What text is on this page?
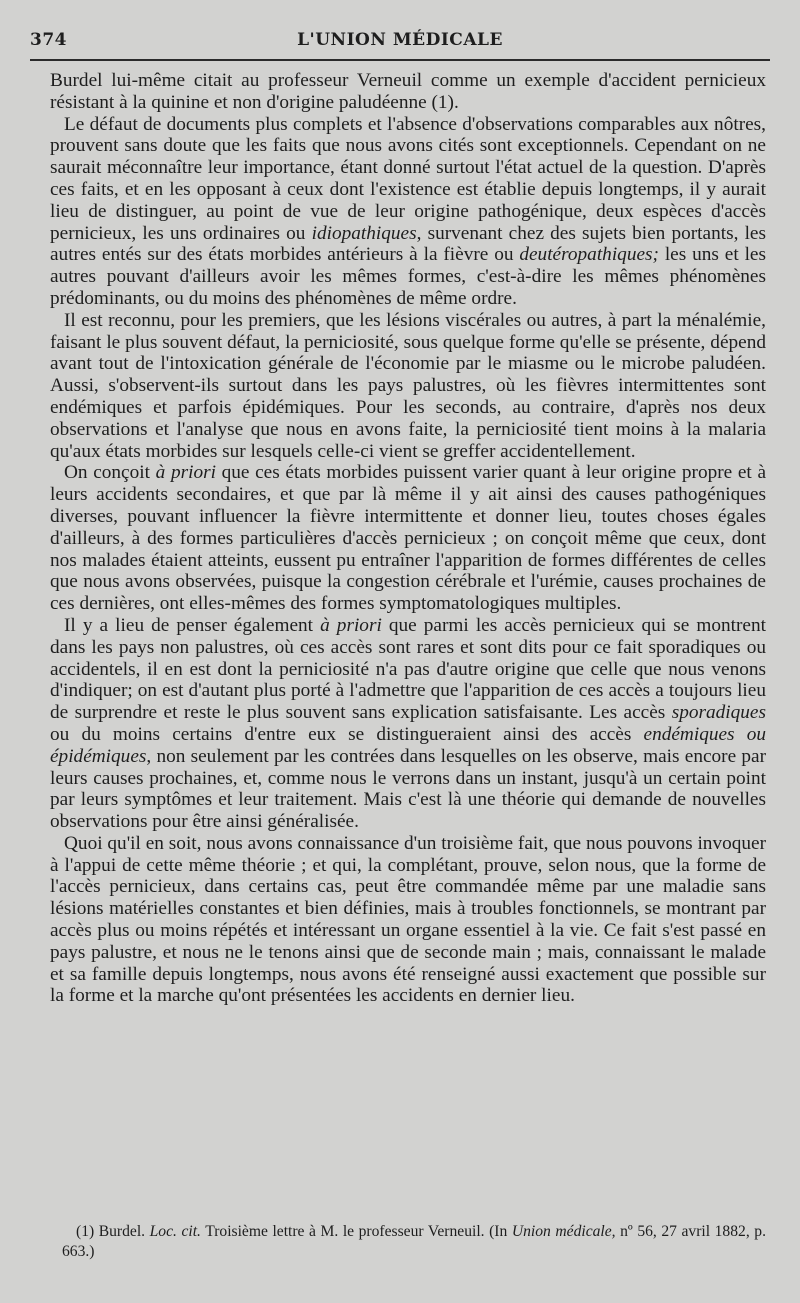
374	L'UNION MÉDICALE

Burdel lui-même citait au professeur Verneuil comme un exemple d'accident pernicieux résistant à la quinine et non d'origine paludéenne (1).

Le défaut de documents plus complets et l'absence d'observations comparables aux nôtres, prouvent sans doute que les faits que nous avons cités sont exceptionnels. Cependant on ne saurait méconnaître leur importance, étant donné surtout l'état actuel de la question. D'après ces faits, et en les opposant à ceux dont l'existence est établie depuis longtemps, il y aurait lieu de distinguer, au point de vue de leur origine pathogénique, deux espèces d'accès pernicieux, les uns ordinaires ou idiopathiques, survenant chez des sujets bien portants, les autres entés sur des états morbides antérieurs à la fièvre ou deutéropathiques; les uns et les autres pouvant d'ailleurs avoir les mêmes formes, c'est-à-dire les mêmes phénomènes prédominants, ou du moins des phénomènes de même ordre.

Il est reconnu, pour les premiers, que les lésions viscérales ou autres, à part la ménalémie, faisant le plus souvent défaut, la perniciosité, sous quelque forme qu'elle se présente, dépend avant tout de l'intoxication générale de l'économie par le miasme ou le microbe paludéen. Aussi, s'observent-ils surtout dans les pays palustres, où les fièvres intermittentes sont endémiques et parfois épidémiques. Pour les seconds, au contraire, d'après nos deux observations et l'analyse que nous en avons faite, la perniciosité tient moins à la malaria qu'aux états morbides sur lesquels celle-ci vient se greffer accidentellement.

On conçoit à priori que ces états morbides puissent varier quant à leur origine propre et à leurs accidents secondaires, et que par là même il y ait ainsi des causes pathogéniques diverses, pouvant influencer la fièvre intermittente et donner lieu, toutes choses égales d'ailleurs, à des formes particulières d'accès pernicieux ; on conçoit même que ceux, dont nos malades étaient atteints, eussent pu entraîner l'apparition de formes différentes de celles que nous avons observées, puisque la congestion cérébrale et l'urémie, causes prochaines de ces dernières, ont elles-mêmes des formes symptomatologiques multiples.

Il y a lieu de penser également à priori que parmi les accès pernicieux qui se montrent dans les pays non palustres, où ces accès sont rares et sont dits pour ce fait sporadiques ou accidentels, il en est dont la perniciosité n'a pas d'autre origine que celle que nous venons d'indiquer; on est d'autant plus porté à l'admettre que l'apparition de ces accès a toujours lieu de surprendre et reste le plus souvent sans explication satisfaisante. Les accès sporadiques ou du moins certains d'entre eux se distingueraient ainsi des accès endémiques ou épidémiques, non seulement par les contrées dans lesquelles on les observe, mais encore par leurs causes prochaines, et, comme nous le verrons dans un instant, jusqu'à un certain point par leurs symptômes et leur traitement. Mais c'est là une théorie qui demande de nouvelles observations pour être ainsi généralisée.

Quoi qu'il en soit, nous avons connaissance d'un troisième fait, que nous pouvons invoquer à l'appui de cette même théorie ; et qui, la complétant, prouve, selon nous, que la forme de l'accès pernicieux, dans certains cas, peut être commandée même par une maladie sans lésions matérielles constantes et bien définies, mais à troubles fonctionnels, se montrant par accès plus ou moins répétés et intéressant un organe essentiel à la vie. Ce fait s'est passé en pays palustre, et nous ne le tenons ainsi que de seconde main ; mais, connaissant le malade et sa famille depuis longtemps, nous avons été renseigné aussi exactement que possible sur la forme et la marche qu'ont présentées les accidents en dernier lieu.

(1) Burdel. Loc. cit. Troisième lettre à M. le professeur Verneuil. (In Union médicale, nº 56, 27 avril 1882, p. 663.)
